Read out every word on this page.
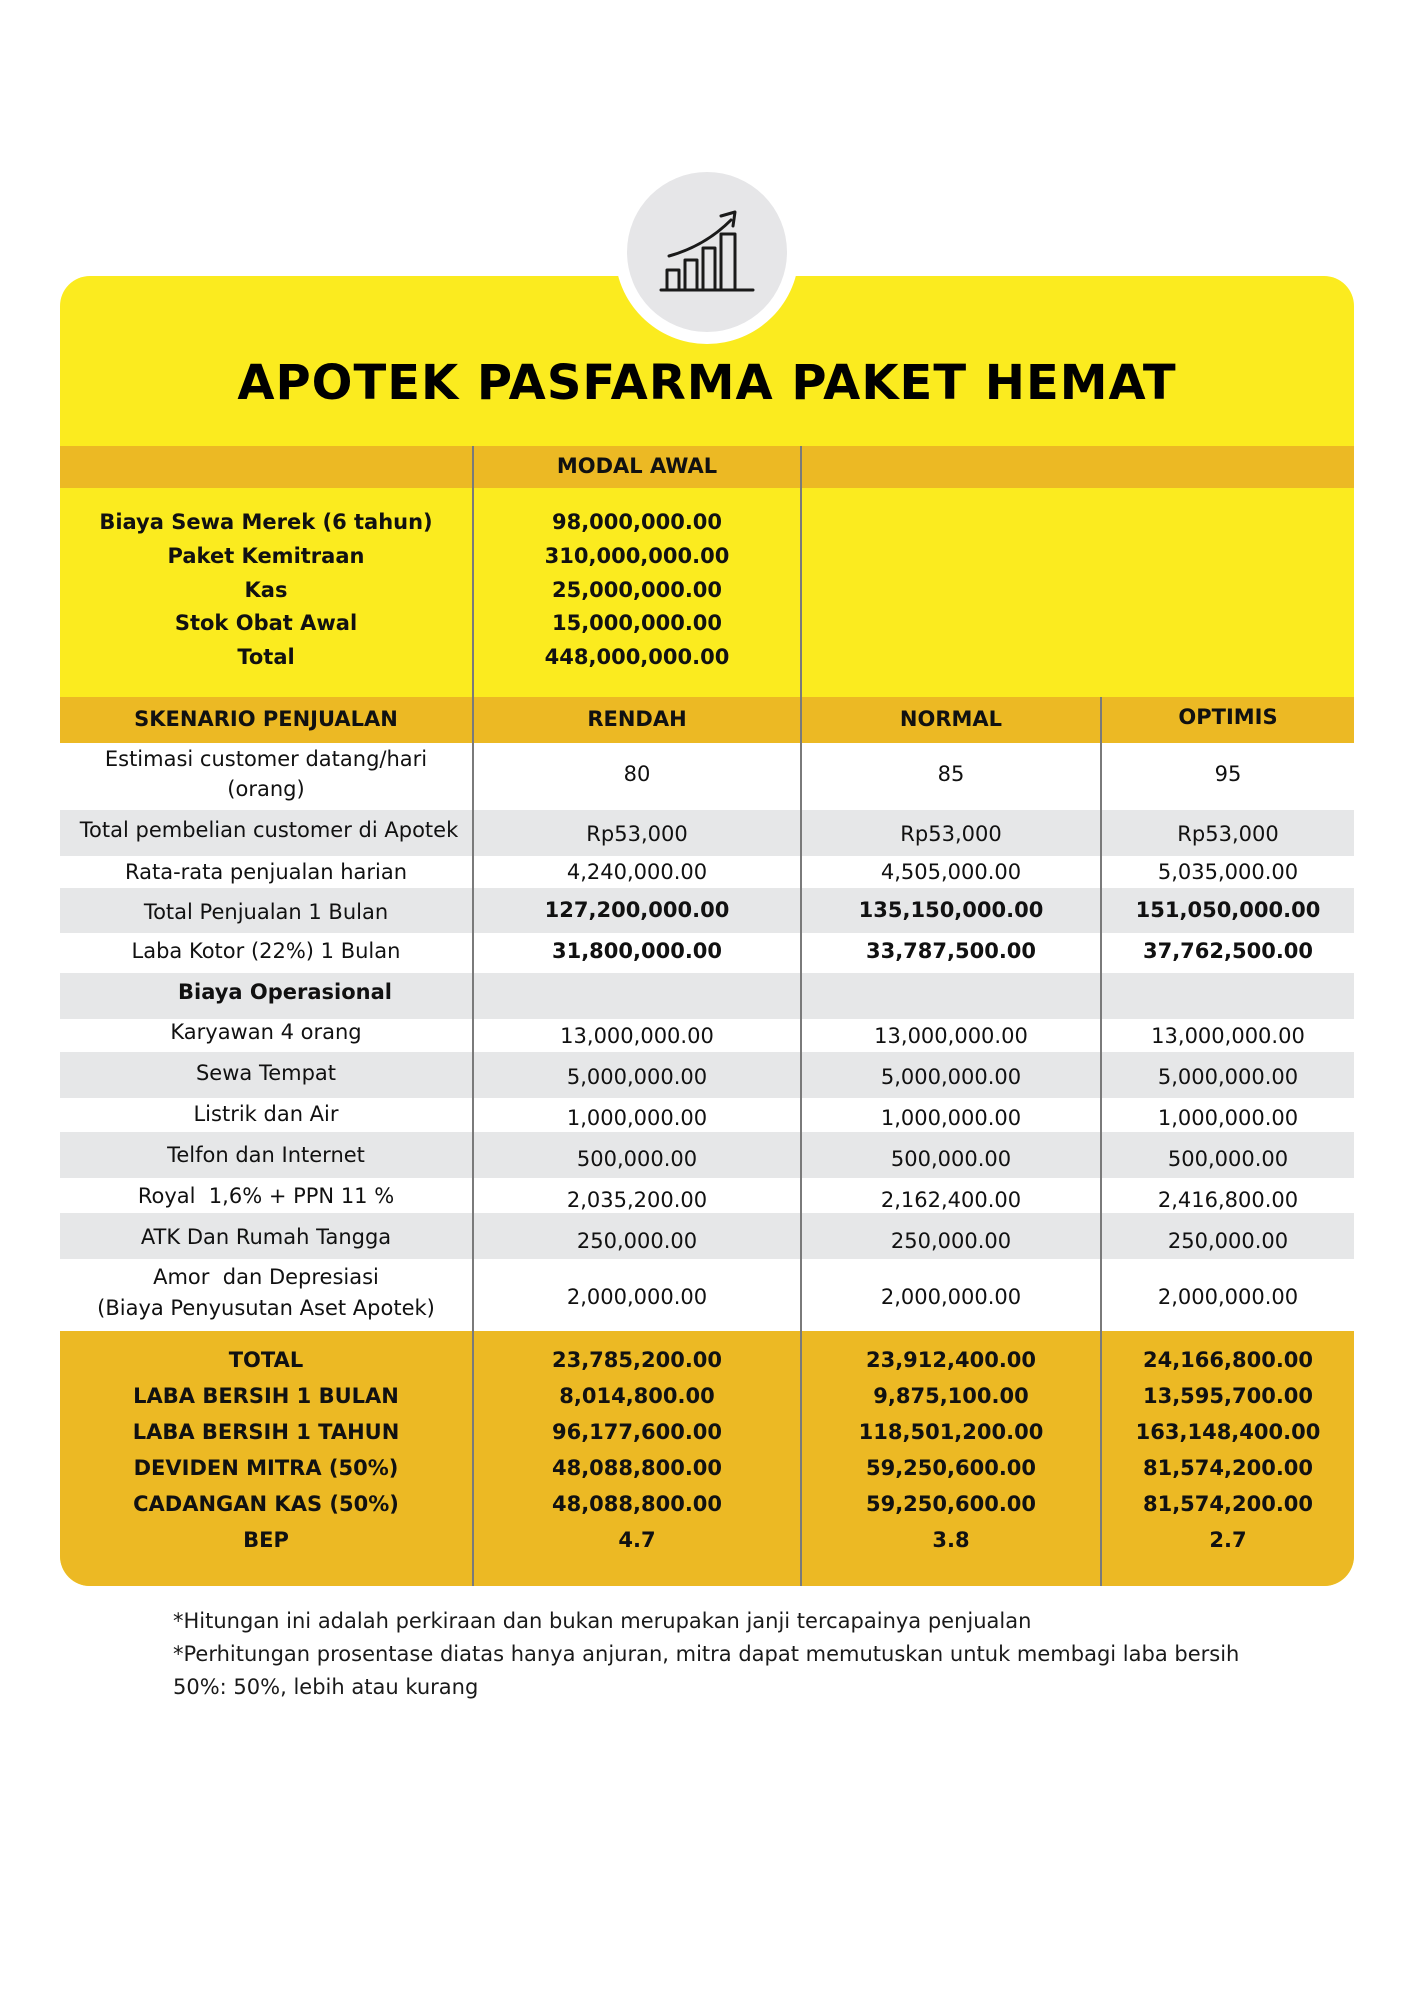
APOTEK PASFARMA PAKET HEMAT
MODAL AWAL
Biaya Sewa Merek (6 tahun)	98,000,000.00
Paket Kemitraan	310,000,000.00
Kas	25,000,000.00
Stok Obat Awal	15,000,000.00
Total	448,000,000.00
SKENARIO PENJUALAN	RENDAH	NORMAL	OPTIMIS
Estimasi customer datang/hari
(orang)
80	85	95
Total pembelian customer di Apotek	Rp53,000	Rp53,000	Rp53,000
Rata-rata penjualan harian	4,240,000.00	4,505,000.00	5,035,000.00
Total Penjualan 1 Bulan	127,200,000.00	135,150,000.00	151,050,000.00
Laba Kotor (22%) 1 Bulan	31,800,000.00	33,787,500.00	37,762,500.00
Biaya Operasional
Karyawan 4 orang	13,000,000.00	13,000,000.00	13,000,000.00
Sewa Tempat	5,000,000.00	5,000,000.00	5,000,000.00
Listrik dan Air	1,000,000.00	1,000,000.00	1,000,000.00
Telfon dan Internet	500,000.00	500,000.00	500,000.00
Royal  1,6% + PPN 11 %	2,035,200.00	2,162,400.00	2,416,800.00
ATK Dan Rumah Tangga	250,000.00	250,000.00	250,000.00
Amor  dan Depresiasi
(Biaya Penyusutan Aset Apotek)	2,000,000.00	2,000,000.00	2,000,000.00
TOTAL	23,785,200.00	23,912,400.00	24,166,800.00
LABA BERSIH 1 BULAN	8,014,800.00	9,875,100.00	13,595,700.00
LABA BERSIH 1 TAHUN	96,177,600.00	118,501,200.00	163,148,400.00
DEVIDEN MITRA (50%)	48,088,800.00	59,250,600.00	81,574,200.00
CADANGAN KAS (50%)	48,088,800.00	59,250,600.00	81,574,200.00
BEP	4.7	3.8	2.7
*Hitungan ini adalah perkiraan dan bukan merupakan janji tercapainya penjualan
*Perhitungan prosentase diatas hanya anjuran, mitra dapat memutuskan untuk membagi laba bersih 50%: 50%, lebih atau kurang
